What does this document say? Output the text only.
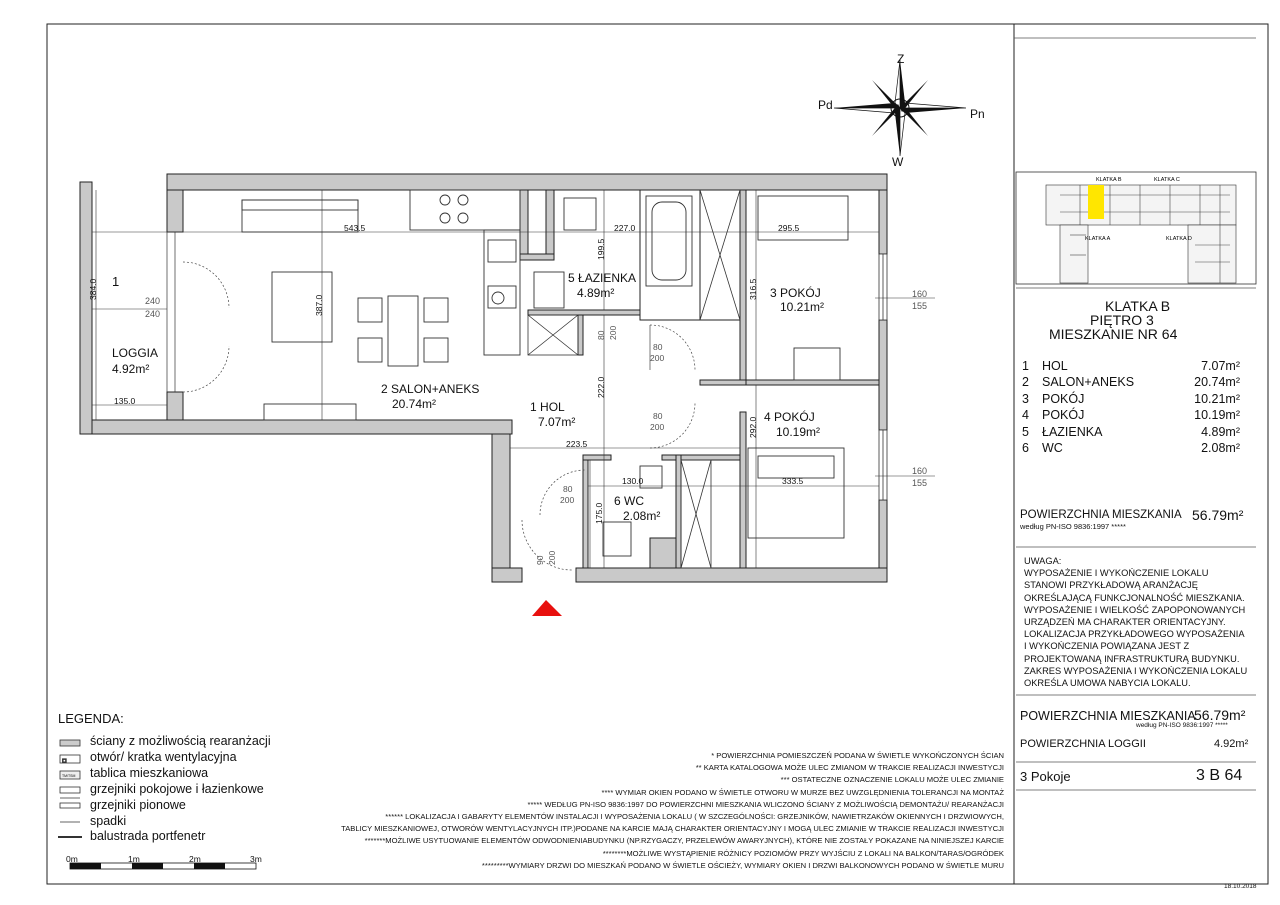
KLATKA B	KLATKA C
KLATKA A	KLATKA D
▣
TM/TSM
Z
Pn
W
Pd
LOGGIA
4.92m²
1
2 SALON+ANEKS
20.74m²	1 HOL
7.07m²
5 ŁAZIENKA
4.89m²	3 POKÓJ
10.21m²
4 POKÓJ
10.19m²
6 WC
2.08m²
543.5	227.0	295.5
223.5
130.0	333.5
135.0
384.0
387.0
199.5
316.5
222.0
292.0
175.0
240
240
160
155
160
155
80
200
80
200
80
200
80 200
90 200
KLATKA B
PIĘTRO 3
MIESZKANIE NR 64
1	HOL	7.07m²
2	SALON+ANEKS	20.74m²
3	POKÓJ	10.21m²
4	POKÓJ	10.19m²
5	ŁAZIENKA	4.89m²
6	WC	2.08m²
POWIERZCHNIA MIESZKANIA
według PN-ISO 9836:1997 *****
56.79m²
UWAGA:
WYPOSAŻENIE I WYKOŃCZENIE LOKALU STANOWI PRZYKŁADOWĄ ARANŻACJĘ OKREŚLAJĄCĄ FUNKCJONALNOŚĆ MIESZKANIA. WYPOSAŻENIE I WIELKOŚĆ ZAPOPONOWANYCH URZĄDZEŃ MA CHARAKTER ORIENTACYJNY. LOKALIZACJA PRZYKŁADOWEGO WYPOSAŻENIA I WYKOŃCZENIA POWIĄZANA JEST Z PROJEKTOWANĄ INFRASTRUKTURĄ BUDYNKU. ZAKRES WYPOSAŻENIA I WYKOŃCZENIA LOKALU OKREŚLA UMOWA NABYCIA LOKALU.
POWIERZCHNIA MIESZKANIA
56.79m²
według PN-ISO 9836:1997 *****
POWIERZCHNIA LOGGII	4.92m²
3 Pokoje	3 B 64
18.10.2018
LEGENDA:
ściany z możliwością rearanżacji
otwór/ kratka wentylacyjna
tablica mieszkaniowa
grzejniki pokojowe i łazienkowe
grzejniki pionowe
spadki
balustrada portfenetr
0m	1m	2m	3m
* POWIERZCHNIA POMIESZCZEŃ PODANA W ŚWIETLE WYKOŃCZONYCH ŚCIAN
** KARTA KATALOGOWA MOŻE ULEC ZMIANOM W TRAKCIE REALIZACJI INWESTYCJI
*** OSTATECZNE OZNACZENIE LOKALU MOŻE ULEC ZMIANIE
**** WYMIAR OKIEN PODANO W ŚWIETLE OTWORU W MURZE BEZ UWZGLĘDNIENIA TOLERANCJI NA MONTAŻ
***** WEDŁUG PN-ISO 9836:1997 DO POWIERZCHNI MIESZKANIA WLICZONO ŚCIANY Z MOŻLIWOŚCIĄ DEMONTAŻU/ REARANŻACJI
****** LOKALIZACJA I GABARYTY ELEMENTÓW INSTALACJI I WYPOSAŻENIA LOKALU ( W SZCZEGÓLNOŚCI: GRZEJNIKÓW, NAWIETRZAKÓW OKIENNYCH I DRZWIOWYCH,
TABLICY MIESZKANIOWEJ, OTWORÓW WENTYLACYJNYCH ITP.)PODANE NA KARCIE MAJĄ CHARAKTER ORIENTACYJNY I MOGĄ ULEC ZMIANIE W TRAKCIE REALIZACJI INWESTYCJI
*******MOŻLIWE USYTUOWANIE ELEMENTÓW ODWODNIENIABUDYNKU (NP.RZYGACZY, PRZELEWÓW AWARYJNYCH), KTÓRE NIE ZOSTAŁY POKAZANE NA NINIEJSZEJ KARCIE
********MOŻLIWE WYSTĄPIENIE RÓŻNICY POZIOMÓW PRZY WYJŚCIU Z LOKALI NA BALKON/TARAS/OGRÓDEK
*********WYMIARY DRZWI DO MIESZKAŃ PODANO W ŚWIETLE OŚCIEŻY, WYMIARY OKIEN I DRZWI BALKONOWYCH PODANO W ŚWIETLE MURU
